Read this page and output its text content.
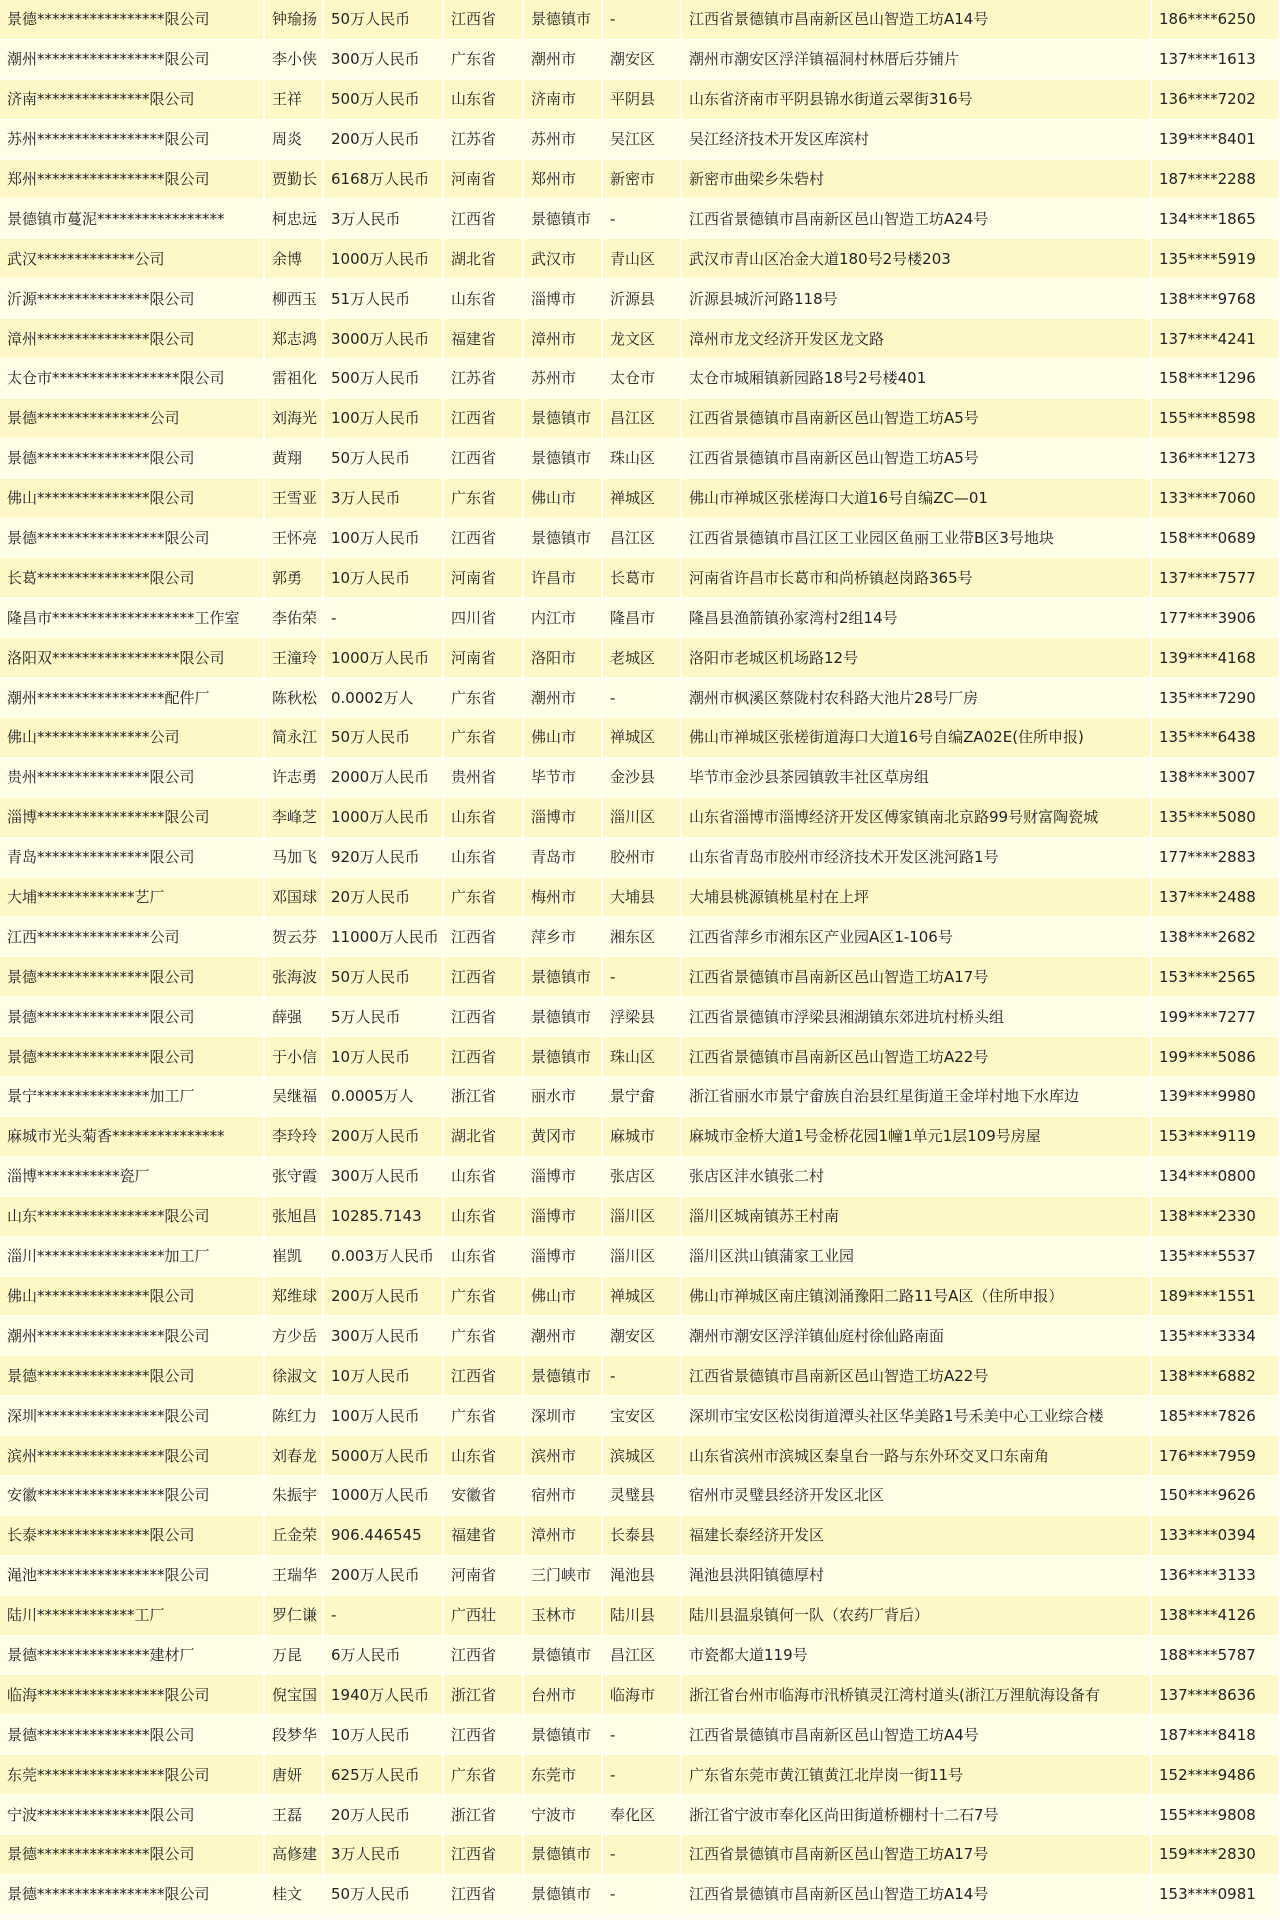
景德*****************限公司	钟瑜扬	50万人民币	江西省	景德镇市	-	江西省景德镇市昌南新区邑山智造工坊A14号	186****6250
潮州*****************限公司	李小侠	300万人民币	广东省	潮州市	潮安区	潮州市潮安区浮洋镇福洞村林厝后芬铺片	137****1613
济南***************限公司	王祥	500万人民币	山东省	济南市	平阴县	山东省济南市平阴县锦水街道云翠街316号	136****7202
苏州*****************限公司	周炎	200万人民币	江苏省	苏州市	吴江区	吴江经济技术开发区库滨村	139****8401
郑州*****************限公司	贾勤长	6168万人民币	河南省	郑州市	新密市	新密市曲梁乡朱砦村	187****2288
景德镇市蔓泥*****************	柯忠远	3万人民币	江西省	景德镇市	-	江西省景德镇市昌南新区邑山智造工坊A24号	134****1865
武汉*************公司	余博	1000万人民币	湖北省	武汉市	青山区	武汉市青山区冶金大道180号2号楼203	135****5919
沂源***************限公司	柳西玉	51万人民币	山东省	淄博市	沂源县	沂源县城沂河路118号	138****9768
漳州***************限公司	郑志鸿	3000万人民币	福建省	漳州市	龙文区	漳州市龙文经济开发区龙文路	137****4241
太仓市*****************限公司	雷祖化	500万人民币	江苏省	苏州市	太仓市	太仓市城厢镇新园路18号2号楼401	158****1296
景德***************公司	刘海光	100万人民币	江西省	景德镇市	昌江区	江西省景德镇市昌南新区邑山智造工坊A5号	155****8598
景德***************限公司	黄翔	50万人民币	江西省	景德镇市	珠山区	江西省景德镇市昌南新区邑山智造工坊A5号	136****1273
佛山***************限公司	王雪亚	3万人民币	广东省	佛山市	禅城区	佛山市禅城区张槎海口大道16号自编ZC—01	133****7060
景德*****************限公司	王怀亮	100万人民币	江西省	景德镇市	昌江区	江西省景德镇市昌江区工业园区鱼丽工业带B区3号地块	158****0689
长葛***************限公司	郭勇	10万人民币	河南省	许昌市	长葛市	河南省许昌市长葛市和尚桥镇赵岗路365号	137****7577
隆昌市*******************工作室	李佑荣	-	四川省	内江市	隆昌市	隆昌县渔箭镇孙家湾村2组14号	177****3906
洛阳双*****************限公司	王潼玲	1000万人民币	河南省	洛阳市	老城区	洛阳市老城区机场路12号	139****4168
潮州*****************配件厂	陈秋松	0.0002万人	广东省	潮州市	-	潮州市枫溪区蔡陇村农科路大池片28号厂房	135****7290
佛山***************公司	简永江	50万人民币	广东省	佛山市	禅城区	佛山市禅城区张槎街道海口大道16号自编ZA02E(住所申报)	135****6438
贵州***************限公司	许志勇	2000万人民币	贵州省	毕节市	金沙县	毕节市金沙县茶园镇敦丰社区草房组	138****3007
淄博*****************限公司	李峰芝	1000万人民币	山东省	淄博市	淄川区	山东省淄博市淄博经济开发区傅家镇南北京路99号财富陶瓷城	135****5080
青岛***************限公司	马加飞	920万人民币	山东省	青岛市	胶州市	山东省青岛市胶州市经济技术开发区洮河路1号	177****2883
大埔*************艺厂	邓国球	20万人民币	广东省	梅州市	大埔县	大埔县桃源镇桃星村在上坪	137****2488
江西***************公司	贺云芬	11000万人民币	江西省	萍乡市	湘东区	江西省萍乡市湘东区产业园A区1-106号	138****2682
景德***************限公司	张海波	50万人民币	江西省	景德镇市	-	江西省景德镇市昌南新区邑山智造工坊A17号	153****2565
景德***************限公司	薛强	5万人民币	江西省	景德镇市	浮梁县	江西省景德镇市浮梁县湘湖镇东郊进坑村桥头组	199****7277
景德***************限公司	于小信	10万人民币	江西省	景德镇市	珠山区	江西省景德镇市昌南新区邑山智造工坊A22号	199****5086
景宁***************加工厂	吴继福	0.0005万人	浙江省	丽水市	景宁畲	浙江省丽水市景宁畲族自治县红星街道王金垟村地下水库边	139****9980
麻城市光头菊香***************	李玲玲	200万人民币	湖北省	黄冈市	麻城市	麻城市金桥大道1号金桥花园1幢1单元1层109号房屋	153****9119
淄博***********瓷厂	张守霞	300万人民币	山东省	淄博市	张店区	张店区沣水镇张二村	134****0800
山东*****************限公司	张旭昌	10285.7143	山东省	淄博市	淄川区	淄川区城南镇苏王村南	138****2330
淄川*****************加工厂	崔凯	0.003万人民币	山东省	淄博市	淄川区	淄川区洪山镇蒲家工业园	135****5537
佛山***************限公司	郑维球	200万人民币	广东省	佛山市	禅城区	佛山市禅城区南庄镇浏涌豫阳二路11号A区（住所申报）	189****1551
潮州*****************限公司	方少岳	300万人民币	广东省	潮州市	潮安区	潮州市潮安区浮洋镇仙庭村徐仙路南面	135****3334
景德***************限公司	徐淑文	10万人民币	江西省	景德镇市	-	江西省景德镇市昌南新区邑山智造工坊A22号	138****6882
深圳*****************限公司	陈红力	100万人民币	广东省	深圳市	宝安区	深圳市宝安区松岗街道潭头社区华美路1号禾美中心工业综合楼	185****7826
滨州*****************限公司	刘春龙	5000万人民币	山东省	滨州市	滨城区	山东省滨州市滨城区秦皇台一路与东外环交叉口东南角	176****7959
安徽*****************限公司	朱振宇	1000万人民币	安徽省	宿州市	灵璧县	宿州市灵璧县经济开发区北区	150****9626
长泰***************限公司	丘金荣	906.446545	福建省	漳州市	长泰县	福建长泰经济开发区	133****0394
渑池*****************限公司	王瑞华	200万人民币	河南省	三门峡市	渑池县	渑池县洪阳镇德厚村	136****3133
陆川*************工厂	罗仁谦	-	广西壮	玉林市	陆川县	陆川县温泉镇何一队（农药厂背后）	138****4126
景德***************建材厂	万昆	6万人民币	江西省	景德镇市	昌江区	市瓷都大道119号	188****5787
临海*****************限公司	倪宝国	1940万人民币	浙江省	台州市	临海市	浙江省台州市临海市汛桥镇灵江湾村道头(浙江万浬航海设备有	137****8636
景德***************限公司	段梦华	10万人民币	江西省	景德镇市	-	江西省景德镇市昌南新区邑山智造工坊A4号	187****8418
东莞*****************限公司	唐妍	625万人民币	广东省	东莞市	-	广东省东莞市黄江镇黄江北岸岗一街11号	152****9486
宁波***************限公司	王磊	20万人民币	浙江省	宁波市	奉化区	浙江省宁波市奉化区尚田街道桥棚村十二石7号	155****9808
景德***************限公司	高修建	3万人民币	江西省	景德镇市	-	江西省景德镇市昌南新区邑山智造工坊A17号	159****2830
景德*****************限公司	桂文	50万人民币	江西省	景德镇市	-	江西省景德镇市昌南新区邑山智造工坊A14号	153****0981
